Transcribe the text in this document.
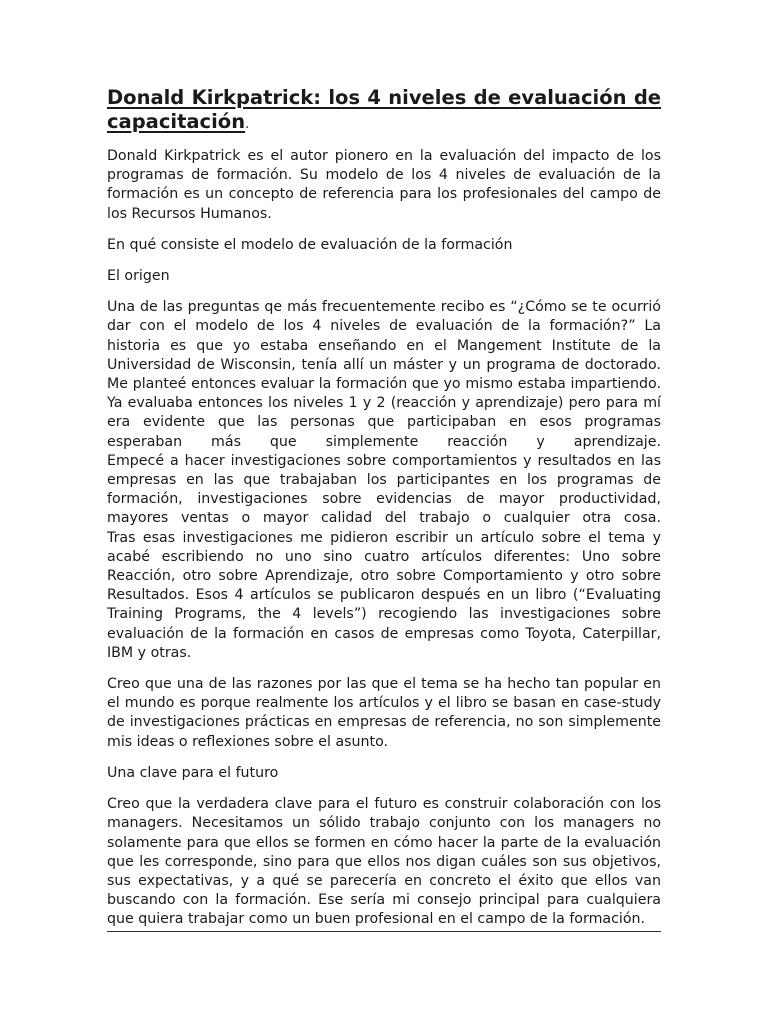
Donald Kirkpatrick: los 4 niveles de evaluación de capacitación.

Donald Kirkpatrick es el autor pionero en la evaluación del impacto de los programas de formación. Su modelo de los 4 niveles de evaluación de la formación es un concepto de referencia para los profesionales del campo de los Recursos Humanos.

En qué consiste el modelo de evaluación de la formación

El origen

Una de las preguntas qe más frecuentemente recibo es “¿Cómo se te ocurrió dar con el modelo de los 4 niveles de evaluación de la formación?” La historia es que yo estaba enseñando en el Mangement Institute de la Universidad de Wisconsin, tenía allí un máster y un programa de doctorado. Me planteé entonces evaluar la formación que yo mismo estaba impartiendo. Ya evaluaba entonces los niveles 1 y 2 (reacción y aprendizaje) pero para mí era evidente que las personas que participaban en esos programas esperaban más que simplemente reacción y aprendizaje.
Empecé a hacer investigaciones sobre comportamientos y resultados en las empresas en las que trabajaban los participantes en los programas de formación, investigaciones sobre evidencias de mayor productividad, mayores ventas o mayor calidad del trabajo o cualquier otra cosa.
Tras esas investigaciones me pidieron escribir un artículo sobre el tema y acabé escribiendo no uno sino cuatro artículos diferentes: Uno sobre Reacción, otro sobre Aprendizaje, otro sobre Comportamiento y otro sobre Resultados. Esos 4 artículos se publicaron después en un libro (“Evaluating Training Programs, the 4 levels”) recogiendo las investigaciones sobre evaluación de la formación en casos de empresas como Toyota, Caterpillar, IBM y otras.

Creo que una de las razones por las que el tema se ha hecho tan popular en el mundo es porque realmente los artículos y el libro se basan en case-study de investigaciones prácticas en empresas de referencia, no son simplemente mis ideas o reflexiones sobre el asunto.

Una clave para el futuro

Creo que la verdadera clave para el futuro es construir colaboración con los managers. Necesitamos un sólido trabajo conjunto con los managers no solamente para que ellos se formen en cómo hacer la parte de la evaluación que les corresponde, sino para que ellos nos digan cuáles son sus objetivos, sus expectativas, y a qué se parecería en concreto el éxito que ellos van buscando con la formación. Ese sería mi consejo principal para cualquiera que quiera trabajar como un buen profesional en el campo de la formación.
